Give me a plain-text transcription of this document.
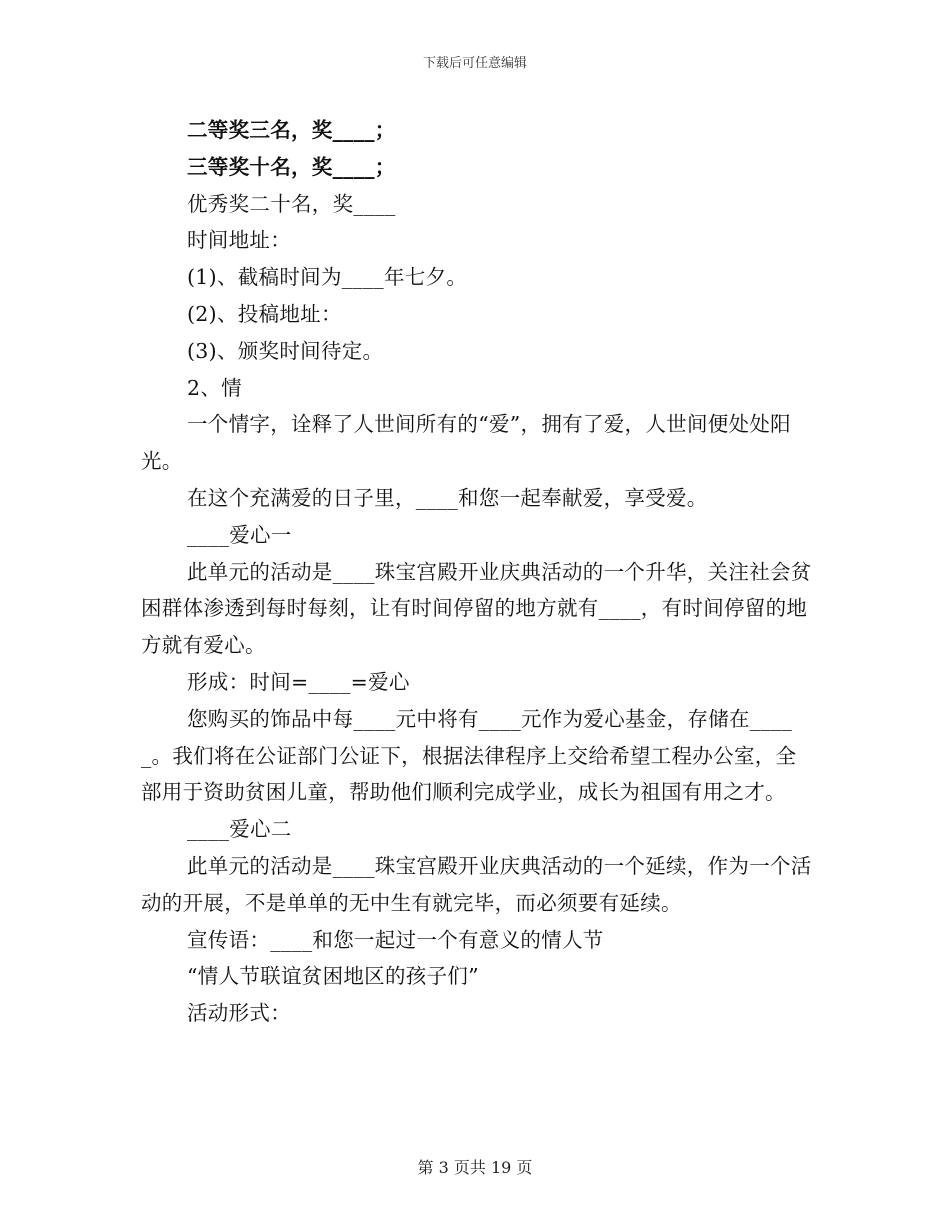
下载后可任意编辑

二等奖三名，奖____；

三等奖十名，奖____；

优秀奖二十名，奖____

时间地址：

(1)、截稿时间为____年七夕。

(2)、投稿地址：

(3)、颁奖时间待定。

2、情

一个情字，诠释了人世间所有的“爱”，拥有了爱，人世间便处处阳光。

在这个充满爱的日子里，____和您一起奉献爱，享受爱。

____爱心一

此单元的活动是____珠宝宫殿开业庆典活动的一个升华，关注社会贫困群体渗透到每时每刻，让有时间停留的地方就有____，有时间停留的地方就有爱心。

形成：时间=____=爱心

您购买的饰品中每____元中将有____元作为爱心基金，存储在_____。我们将在公证部门公证下，根据法律程序上交给希望工程办公室，全部用于资助贫困儿童，帮助他们顺利完成学业，成长为祖国有用之才。

____爱心二

此单元的活动是____珠宝宫殿开业庆典活动的一个延续，作为一个活动的开展，不是单单的无中生有就完毕，而必须要有延续。

宣传语：____和您一起过一个有意义的情人节

“情人节联谊贫困地区的孩子们”

活动形式：

第 3 页共 19 页
